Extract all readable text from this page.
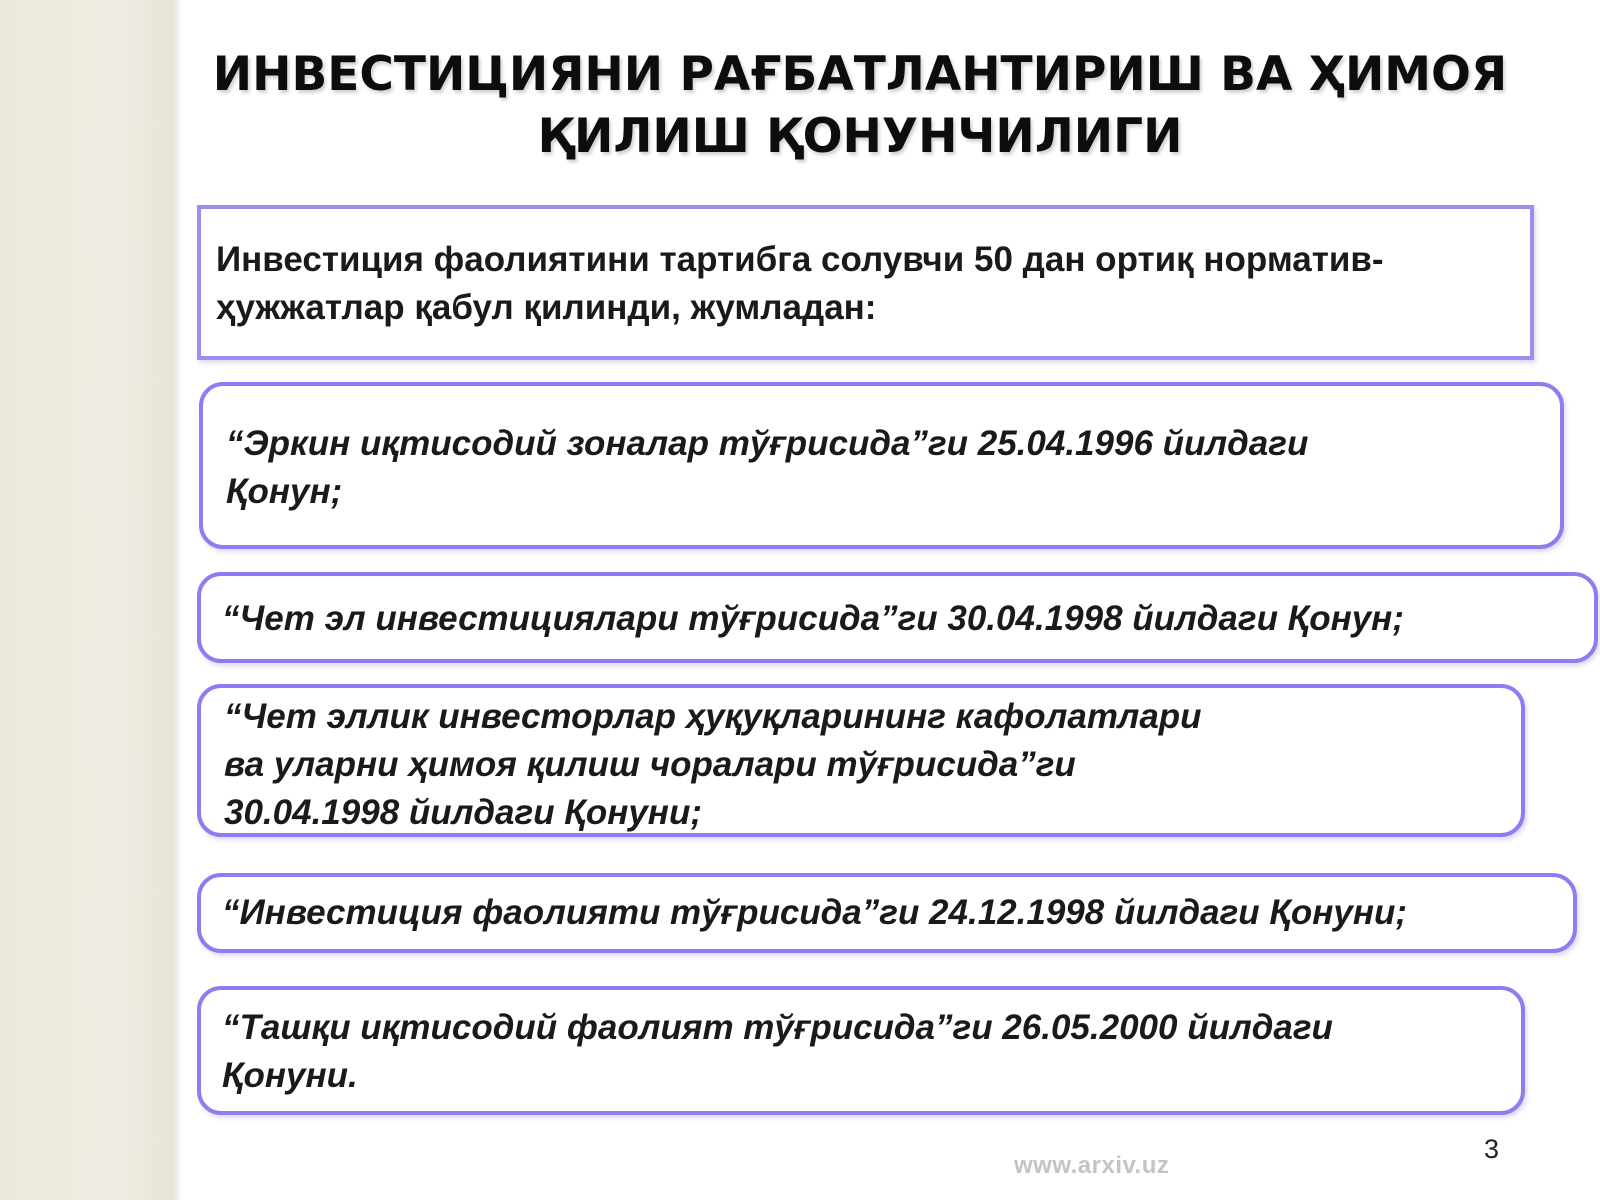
ИНВЕСТИЦИЯНИ РАҒБАТЛАНТИРИШ ВА ҲИМОЯ
ҚИЛИШ ҚОНУНЧИЛИГИ
Инвестиция фаолиятини тартибга солувчи 50 дан ортиқ норматив-
ҳужжатлар қабул қилинди, жумладан:
“Эркин иқтисодий зоналар тўғрисида”ги 25.04.1996 йилдаги
Қонун;
“Чет эл инвестициялари тўғрисида”ги 30.04.1998 йилдаги Қонун;
“Чет эллик инвесторлар ҳуқуқларининг кафолатлари
ва уларни ҳимоя қилиш чоралари тўғрисида”ги
30.04.1998 йилдаги Қонуни;
“Инвестиция фаолияти тўғрисида”ги 24.12.1998 йилдаги Қонуни;
“Ташқи иқтисодий фаолият тўғрисида”ги 26.05.2000 йилдаги
Қонуни.
3
www.arxiv.uz
